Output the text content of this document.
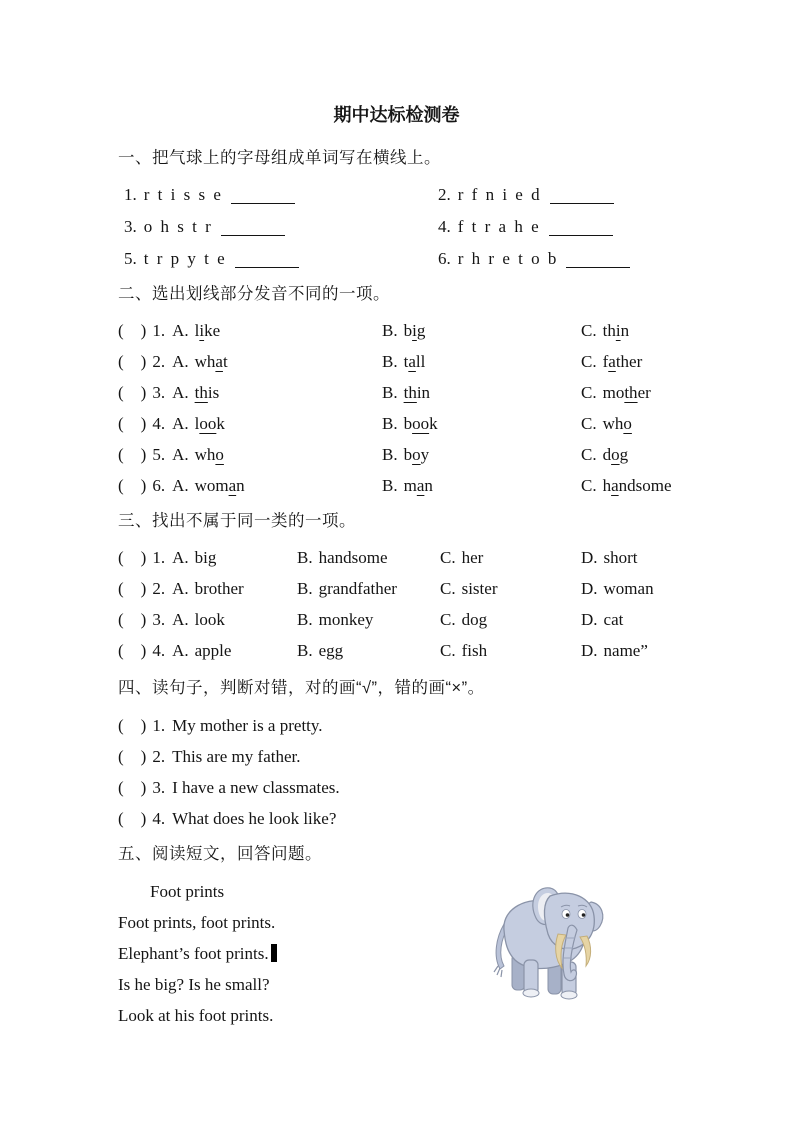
期中达标检测卷
一、把气球上的字母组成单词写在横线上。
1. r t i s s e	2. r f n i e d
3. o h s t r	4. f t r a h e
5. t r p y t e	6. r h r e t o b
二、选出划线部分发音不同的一项。
(    ) 1. A. like	B. big	C. thin
(    ) 2. A. what	B. tall	C. father
(    ) 3. A. this	B. thin	C. mother
(    ) 4. A. look	B. book	C. who
(    ) 5. A. who	B. boy	C. dog
(    ) 6. A. woman	B. man	C. handsome
三、找出不属于同一类的一项。
(    ) 1. A. big	B. handsome	C. her	D. short
(    ) 2. A. brother	B. grandfather	C. sister	D. woman
(    ) 3. A. look	B. monkey	C. dog	D. cat
(    ) 4. A. apple	B. egg	C. fish	D. name”
四、读句子，判断对错，对的画“√”，错的画“×”。
(    ) 1. My mother is a pretty.
(    ) 2. This are my father.
(    ) 3. I have a new classmates.
(    ) 4. What does he look like?
五、阅读短文，回答问题。
Foot prints
Foot prints, foot prints.
Elephant’s foot prints.
Is he big? Is he small?
Look at his foot prints.
